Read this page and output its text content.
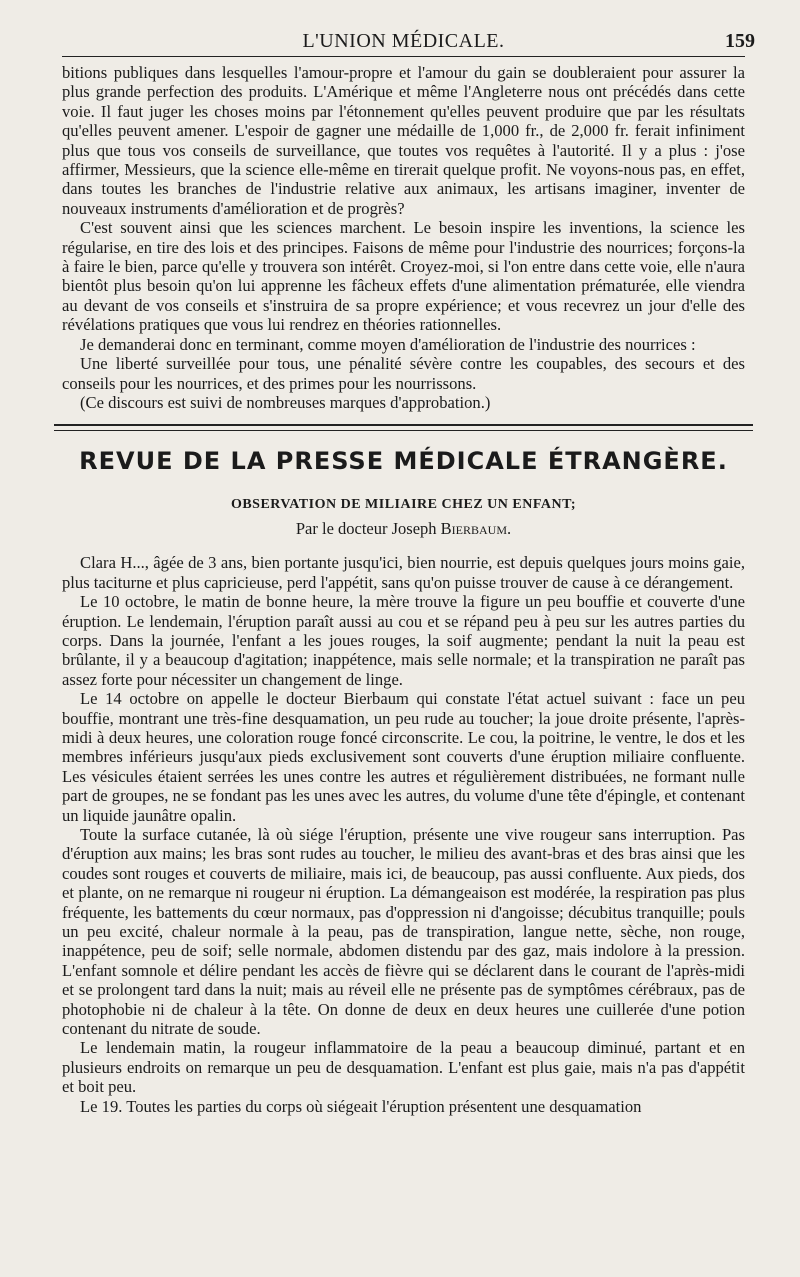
L'UNION MÉDICALE.	159

bitions publiques dans lesquelles l'amour-propre et l'amour du gain se doubleraient pour assurer la plus grande perfection des produits. L'Amérique et même l'Angleterre nous ont précédés dans cette voie. Il faut juger les choses moins par l'étonnement qu'elles peuvent produire que par les résultats qu'elles peuvent amener. L'espoir de gagner une médaille de 1,000 fr., de 2,000 fr. ferait infiniment plus que tous vos conseils de surveillance, que toutes vos requêtes à l'autorité. Il y a plus : j'ose affirmer, Messieurs, que la science elle-même en tirerait quelque profit. Ne voyons-nous pas, en effet, dans toutes les branches de l'industrie relative aux animaux, les artisans imaginer, inventer de nouveaux instruments d'amélioration et de progrès?

C'est souvent ainsi que les sciences marchent. Le besoin inspire les inventions, la science les régularise, en tire des lois et des principes. Faisons de même pour l'industrie des nourrices; forçons-la à faire le bien, parce qu'elle y trouvera son intérêt. Croyez-moi, si l'on entre dans cette voie, elle n'aura bientôt plus besoin qu'on lui apprenne les fâcheux effets d'une alimentation prématurée, elle viendra au devant de vos conseils et s'instruira de sa propre expérience; et vous recevrez un jour d'elle des révélations pratiques que vous lui rendrez en théories rationnelles.

Je demanderai donc en terminant, comme moyen d'amélioration de l'industrie des nourrices :

Une liberté surveillée pour tous, une pénalité sévère contre les coupables, des secours et des conseils pour les nourrices, et des primes pour les nourrissons.

(Ce discours est suivi de nombreuses marques d'approbation.)

REVUE DE LA PRESSE MÉDICALE ÉTRANGÈRE.
OBSERVATION DE MILIAIRE CHEZ UN ENFANT;
Par le docteur Joseph Bierbaum.

Clara H..., âgée de 3 ans, bien portante jusqu'ici, bien nourrie, est depuis quelques jours moins gaie, plus taciturne et plus capricieuse, perd l'appétit, sans qu'on puisse trouver de cause à ce dérangement.

Le 10 octobre, le matin de bonne heure, la mère trouve la figure un peu bouffie et couverte d'une éruption. Le lendemain, l'éruption paraît aussi au cou et se répand peu à peu sur les autres parties du corps. Dans la journée, l'enfant a les joues rouges, la soif augmente; pendant la nuit la peau est brûlante, il y a beaucoup d'agitation; inappétence, mais selle normale; et la transpiration ne paraît pas assez forte pour nécessiter un changement de linge.

Le 14 octobre on appelle le docteur Bierbaum qui constate l'état actuel suivant : face un peu bouffie, montrant une très-fine desquamation, un peu rude au toucher; la joue droite présente, l'après-midi à deux heures, une coloration rouge foncé circonscrite. Le cou, la poitrine, le ventre, le dos et les membres inférieurs jusqu'aux pieds exclusivement sont couverts d'une éruption miliaire confluente. Les vésicules étaient serrées les unes contre les autres et régulièrement distribuées, ne formant nulle part de groupes, ne se fondant pas les unes avec les autres, du volume d'une tête d'épingle, et contenant un liquide jaunâtre opalin.

Toute la surface cutanée, là où siége l'éruption, présente une vive rougeur sans interruption. Pas d'éruption aux mains; les bras sont rudes au toucher, le milieu des avant-bras et des bras ainsi que les coudes sont rouges et couverts de miliaire, mais ici, de beaucoup, pas aussi confluente. Aux pieds, dos et plante, on ne remarque ni rougeur ni éruption. La démangeaison est modérée, la respiration pas plus fréquente, les battements du cœur normaux, pas d'oppression ni d'angoisse; décubitus tranquille; pouls un peu excité, chaleur normale à la peau, pas de transpiration, langue nette, sèche, non rouge, inappétence, peu de soif; selle normale, abdomen distendu par des gaz, mais indolore à la pression. L'enfant somnole et délire pendant les accès de fièvre qui se déclarent dans le courant de l'après-midi et se prolongent tard dans la nuit; mais au réveil elle ne présente pas de symptômes cérébraux, pas de photophobie ni de chaleur à la tête. On donne de deux en deux heures une cuillerée d'une potion contenant du nitrate de soude.

Le lendemain matin, la rougeur inflammatoire de la peau a beaucoup diminué, partant et en plusieurs endroits on remarque un peu de desquamation. L'enfant est plus gaie, mais n'a pas d'appétit et boit peu.

Le 19. Toutes les parties du corps où siégeait l'éruption présentent une desquamation
